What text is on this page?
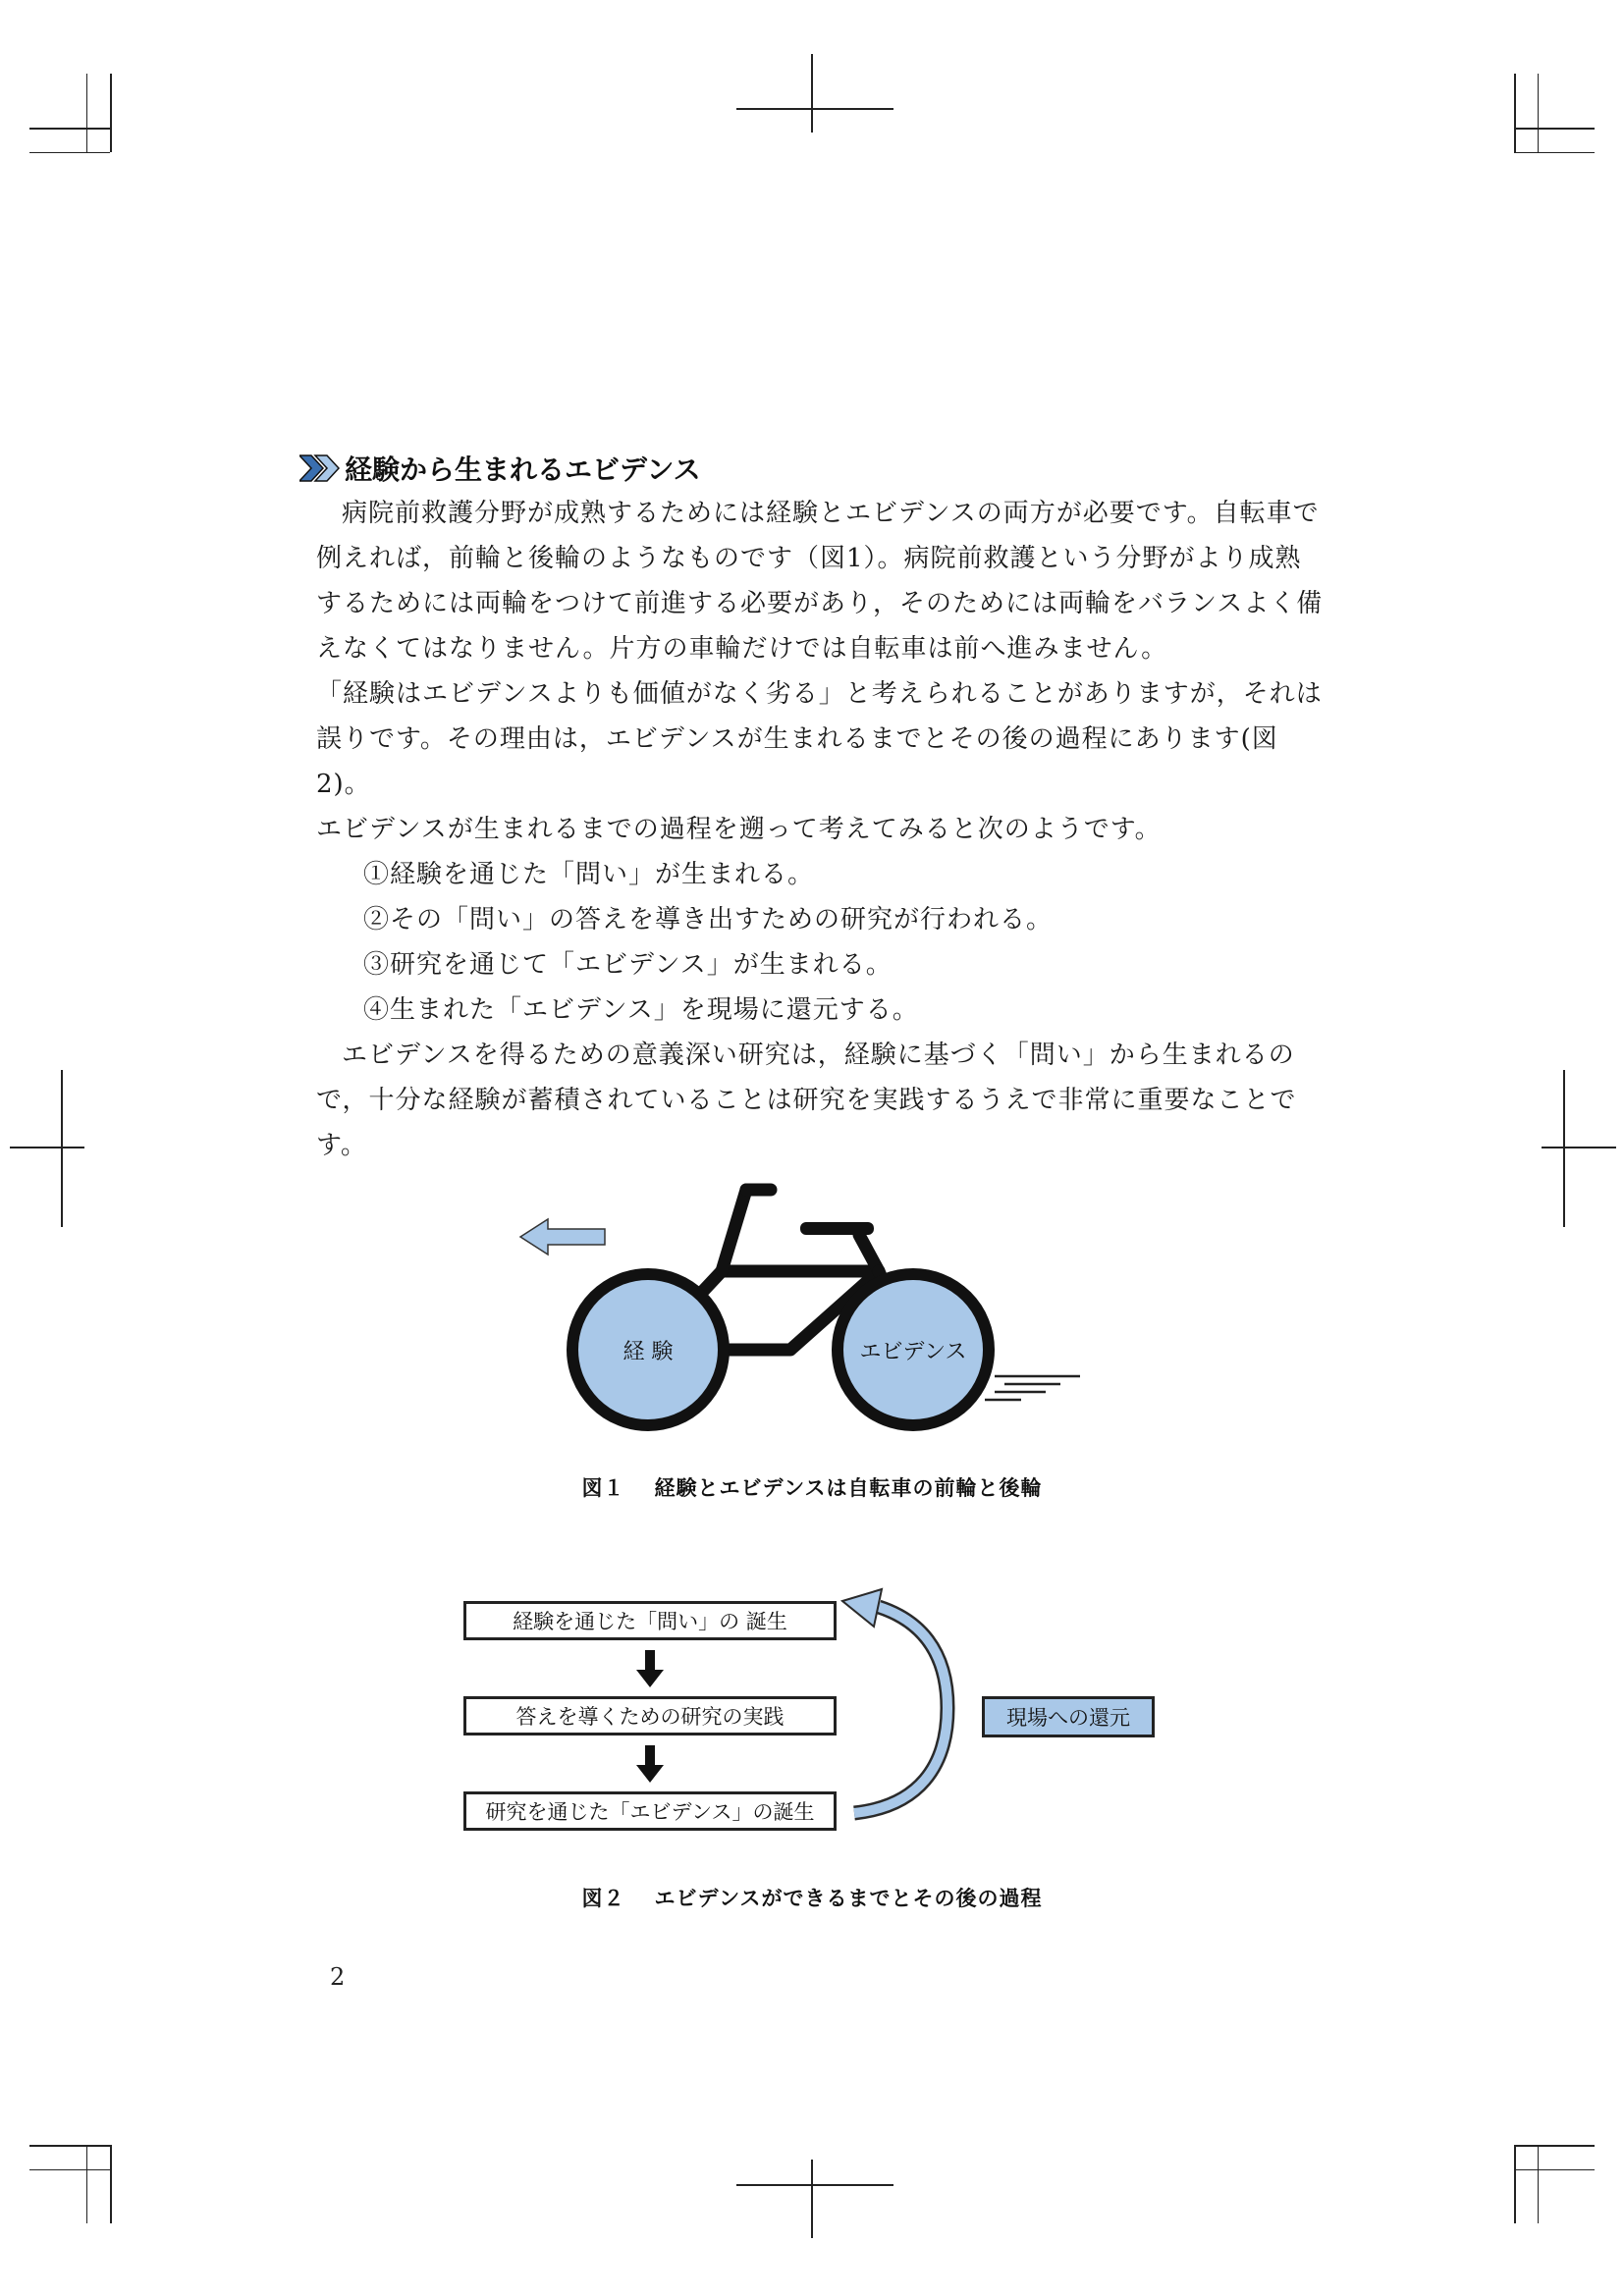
経験から生まれるエビデンス

病院前救護分野が成熟するためには経験とエビデンスの両方が必要です。自転車で例えれば，前輪と後輪のようなものです（図1）。病院前救護という分野がより成熟するためには両輪をつけて前進する必要があり，そのためには両輪をバランスよく備えなくてはなりません。片方の車輪だけでは自転車は前へ進みません。

「経験はエビデンスよりも価値がなく劣る」と考えられることがありますが，それは誤りです。その理由は，エビデンスが生まれるまでとその後の過程にあります(図2)。

エビデンスが生まれるまでの過程を遡って考えてみると次のようです。

①経験を通じた「問い」が生まれる。
②その「問い」の答えを導き出すための研究が行われる。
③研究を通じて「エビデンス」が生まれる。
④生まれた「エビデンス」を現場に還元する。

エビデンスを得るための意義深い研究は，経験に基づく「問い」から生まれるので，十分な経験が蓄積されていることは研究を実践するうえで非常に重要なことです。

経 験	エビデンス
図１ 経験とエビデンスは自転車の前輪と後輪
経験を通じた「問い」の 誕生
答えを導くための研究の実践
研究を通じた「エビデンス」の誕生
現場への還元
図２ エビデンスができるまでとその後の過程
2
